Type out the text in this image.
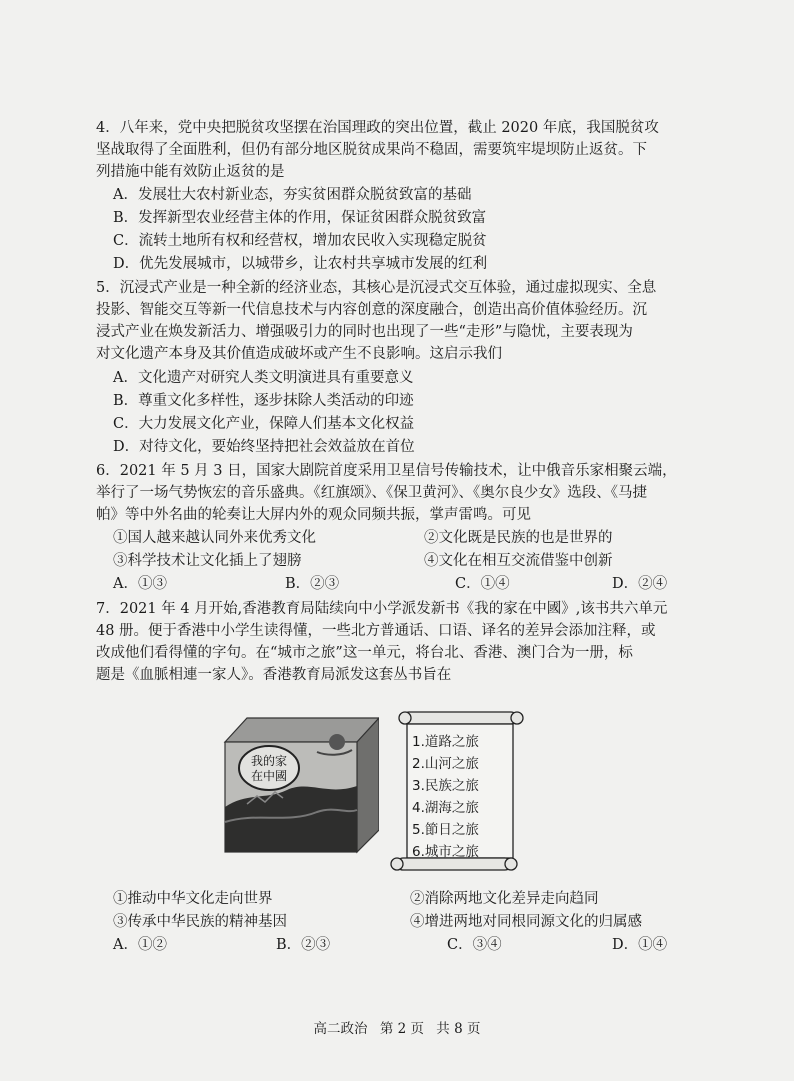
4．八年来，党中央把脱贫攻坚摆在治国理政的突出位置，截止 2020 年底，我国脱贫攻
坚战取得了全面胜利，但仍有部分地区脱贫成果尚不稳固，需要筑牢堤坝防止返贫。下
列措施中能有效防止返贫的是
A．发展壮大农村新业态，夯实贫困群众脱贫致富的基础
B．发挥新型农业经营主体的作用，保证贫困群众脱贫致富
C．流转土地所有权和经营权，增加农民收入实现稳定脱贫
D．优先发展城市，以城带乡，让农村共享城市发展的红利
5．沉浸式产业是一种全新的经济业态，其核心是沉浸式交互体验，通过虚拟现实、全息
投影、智能交互等新一代信息技术与内容创意的深度融合，创造出高价值体验经历。沉
浸式产业在焕发新活力、增强吸引力的同时也出现了一些“走形”与隐忧，主要表现为
对文化遗产本身及其价值造成破坏或产生不良影响。这启示我们
A．文化遗产对研究人类文明演进具有重要意义
B．尊重文化多样性，逐步抹除人类活动的印迹
C．大力发展文化产业，保障人们基本文化权益
D．对待文化，要始终坚持把社会效益放在首位
6．2021 年 5 月 3 日，国家大剧院首度采用卫星信号传输技术，让中俄音乐家相聚云端，
举行了一场气势恢宏的音乐盛典。《红旗颂》、《保卫黄河》、《奥尔良少女》选段、《马捷
帕》等中外名曲的轮奏让大屏内外的观众同频共振，掌声雷鸣。可见
①国人越来越认同外来优秀文化	②文化既是民族的也是世界的
③科学技术让文化插上了翅膀	④文化在相互交流借鉴中创新
A．①③	B．②③	C．①④	D．②④
7．2021 年 4 月开始,香港教育局陆续向中小学派发新书《我的家在中國》,该书共六单元
48 册。便于香港中小学生读得懂，一些北方普通话、口语、译名的差异会添加注释，或
改成他们看得懂的字句。在“城市之旅”这一单元，将台北、香港、澳门合为一册，标
题是《血脈相連一家人》。香港教育局派发这套丛书旨在
我的家
在中國
1.道路之旅
2.山河之旅
3.民族之旅
4.湖海之旅
5.節日之旅
6.城市之旅
①推动中华文化走向世界	②消除两地文化差异走向趋同
③传承中华民族的精神基因	④增进两地对同根同源文化的归属感
A．①②	B．②③	C．③④	D．①④
高二政治 第 2 页 共 8 页
